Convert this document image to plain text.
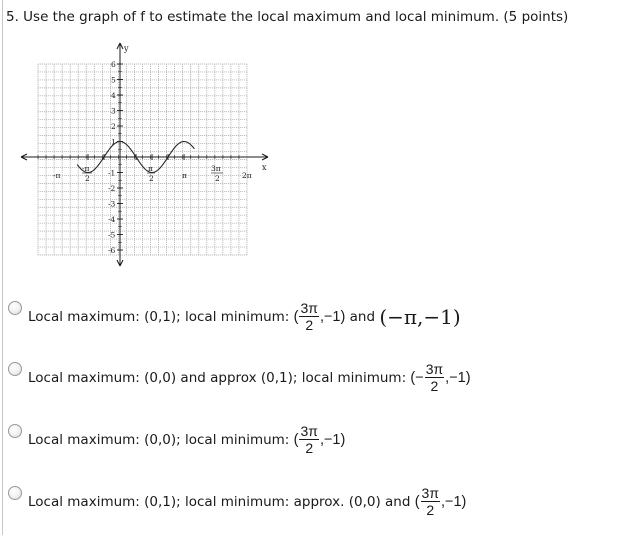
5. Use the graph of f to estimate the local maximum and local minimum. (5 points)
y
x
-π
-π
2
π
2	π
3π
2	2π
1
-1
2
-2
3
-3
4
-4
5
-5
6
-6
Local maximum: (0,1); local minimum: ( $\frac{3\pi}{2} ,-1$) and (−π,−1)
Local maximum: (0,0) and approx (0,1); local minimum: (− $\frac{3\pi}{2} ,-1$)
Local maximum: (0,0); local minimum: ( $\frac{3\pi}{2} ,-1$)
Local maximum: (0,1); local minimum: approx. (0,0) and ( $\frac{3\pi}{2} ,-1$)
